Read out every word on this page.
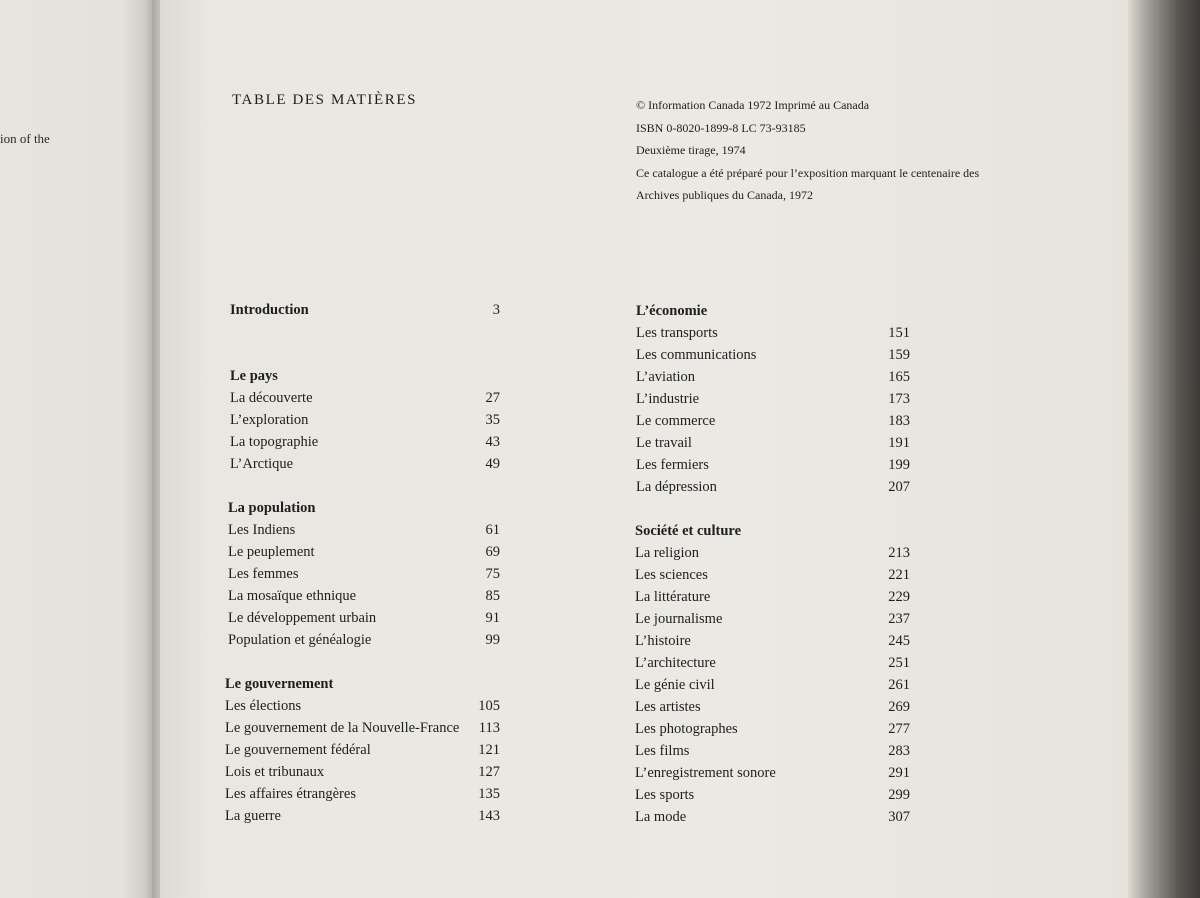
ion of the
TABLE DES MATIÈRES	© Information Canada 1972 Imprimé au Canada
ISBN 0-8020-1899-8 LC 73-93185
Deuxième tirage, 1974
Ce catalogue a été préparé pour l’exposition marquant le centenaire des
Archives publiques du Canada, 1972
Introduction	3
Le pays
La découverte	27
L’exploration	35
La topographie	43
L’Arctique	49
La population
Les Indiens	61
Le peuplement	69
Les femmes	75
La mosaïque ethnique	85
Le développement urbain	91
Population et généalogie	99
Le gouvernement
Les élections	105
Le gouvernement de la Nouvelle-France 113
Le gouvernement fédéral	121
Lois et tribunaux	127
Les affaires étrangères	135
La guerre	143
L’économie
Les transports	151
Les communications	159
L’aviation	165
L’industrie	173
Le commerce	183
Le travail	191
Les fermiers	199
La dépression	207
Société et culture
La religion	213
Les sciences	221
La littérature	229
Le journalisme	237
L’histoire	245
L’architecture	251
Le génie civil	261
Les artistes	269
Les photographes	277
Les films	283
L’enregistrement sonore	291
Les sports	299
La mode	307
